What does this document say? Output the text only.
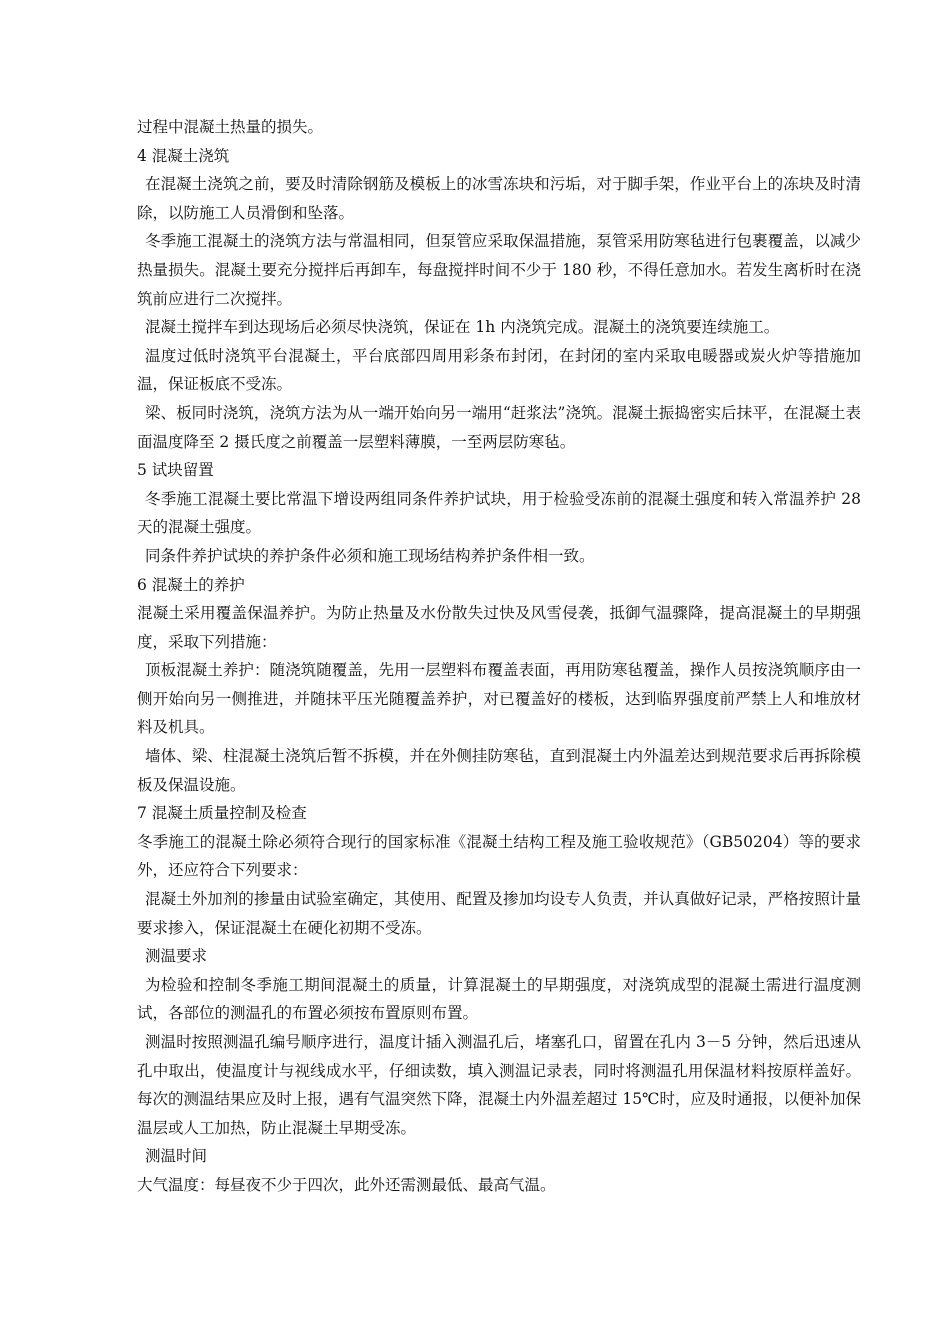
过程中混凝土热量的损失。

4 混凝土浇筑

在混凝土浇筑之前，要及时清除钢筋及模板上的冰雪冻块和污垢，对于脚手架，作业平台上的冻块及时清除，以防施工人员滑倒和坠落。

冬季施工混凝土的浇筑方法与常温相同，但泵管应采取保温措施，泵管采用防寒毡进行包裹覆盖，以减少热量损失。混凝土要充分搅拌后再卸车，每盘搅拌时间不少于 180 秒，不得任意加水。若发生离析时在浇筑前应进行二次搅拌。

混凝土搅拌车到达现场后必须尽快浇筑，保证在 1h 内浇筑完成。混凝土的浇筑要连续施工。

温度过低时浇筑平台混凝土，平台底部四周用彩条布封闭，在封闭的室内采取电暖器或炭火炉等措施加温，保证板底不受冻。

梁、板同时浇筑，浇筑方法为从一端开始向另一端用“赶浆法”浇筑。混凝土振捣密实后抹平，在混凝土表面温度降至 2 摄氏度之前覆盖一层塑料薄膜，一至两层防寒毡。

5 试块留置

冬季施工混凝土要比常温下增设两组同条件养护试块，用于检验受冻前的混凝土强度和转入常温养护 28 天的混凝土强度。

同条件养护试块的养护条件必须和施工现场结构养护条件相一致。

6 混凝土的养护

混凝土采用覆盖保温养护。为防止热量及水份散失过快及风雪侵袭，抵御气温骤降，提高混凝土的早期强度，采取下列措施：

顶板混凝土养护：随浇筑随覆盖，先用一层塑料布覆盖表面，再用防寒毡覆盖，操作人员按浇筑顺序由一侧开始向另一侧推进，并随抹平压光随覆盖养护，对已覆盖好的楼板，达到临界强度前严禁上人和堆放材料及机具。

墙体、梁、柱混凝土浇筑后暂不拆模，并在外侧挂防寒毡，直到混凝土内外温差达到规范要求后再拆除模板及保温设施。

7 混凝土质量控制及检查

冬季施工的混凝土除必须符合现行的国家标准《混凝土结构工程及施工验收规范》（GB50204）等的要求外，还应符合下列要求：

混凝土外加剂的掺量由试验室确定，其使用、配置及掺加均设专人负责，并认真做好记录，严格按照计量要求掺入，保证混凝土在硬化初期不受冻。

测温要求

为检验和控制冬季施工期间混凝土的质量，计算混凝土的早期强度，对浇筑成型的混凝土需进行温度测试，各部位的测温孔的布置必须按布置原则布置。

测温时按照测温孔编号顺序进行，温度计插入测温孔后，堵塞孔口，留置在孔内 3－5 分钟，然后迅速从孔中取出，使温度计与视线成水平，仔细读数，填入测温记录表，同时将测温孔用保温材料按原样盖好。每次的测温结果应及时上报，遇有气温突然下降，混凝土内外温差超过 15℃时，应及时通报，以便补加保温层或人工加热，防止混凝土早期受冻。

测温时间

大气温度：每昼夜不少于四次，此外还需测最低、最高气温。
